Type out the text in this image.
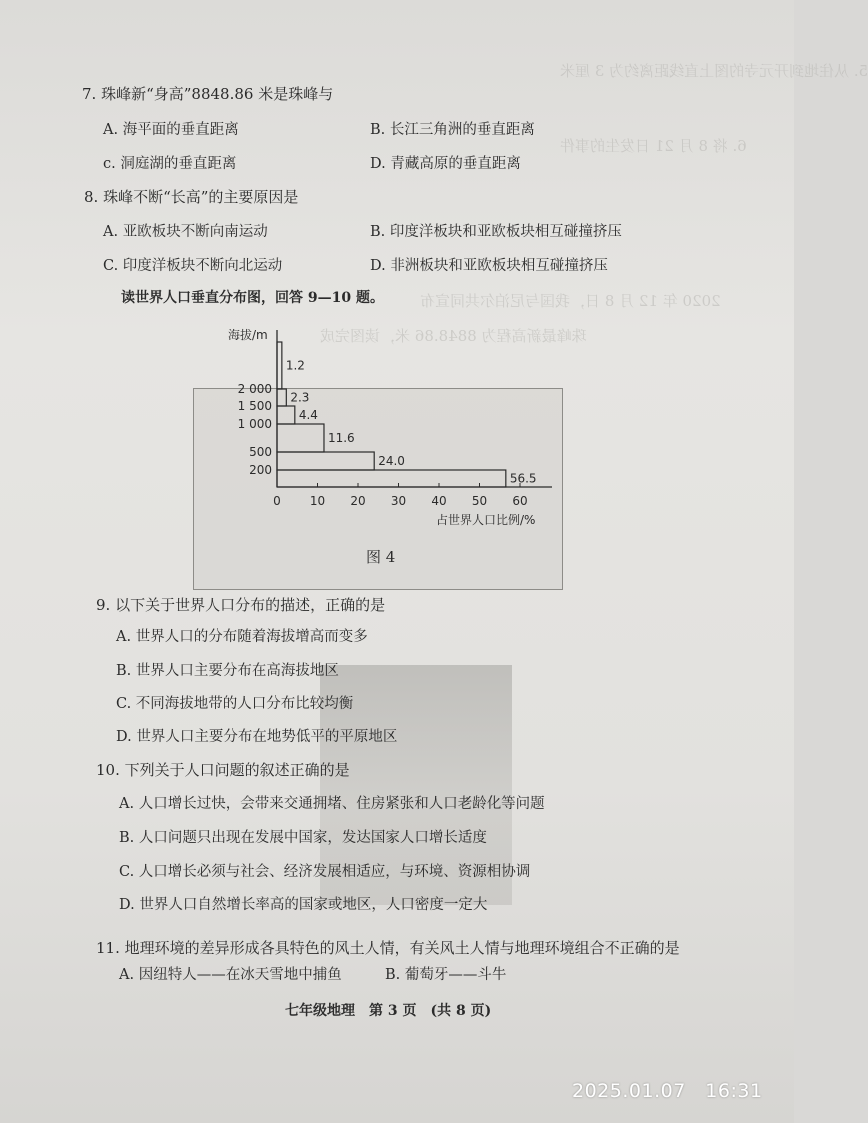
5. 从住地到开元寺的图上直线距离约为 3 厘米
6. 将 8 月 21 日发生的事件
2020 年 12 月 8 日，我国与尼泊尔共同宣布
珠峰最新高程为 8848.86 米，读图完成
7. 珠峰新“身高”8848.86 米是珠峰与
A. 海平面的垂直距离	B. 长江三角洲的垂直距离
c. 洞庭湖的垂直距离	D. 青藏高原的垂直距离
8. 珠峰不断“长高”的主要原因是
A. 亚欧板块不断向南运动	B. 印度洋板块和亚欧板块相互碰撞挤压
C. 印度洋板块不断向北运动	D. 非洲板块和亚欧板块相互碰撞挤压
读世界人口垂直分布图，回答 9—10 题。
56.5
24.0
11.6
4.4
2.3
1.2
0 10 20 30 40 50 60
200
500
1 000
1 500
2 000
海拔/m
占世界人口比例/%
图 4
9. 以下关于世界人口分布的描述，正确的是
A. 世界人口的分布随着海拔增高而变多
B. 世界人口主要分布在高海拔地区
C. 不同海拔地带的人口分布比较均衡
D. 世界人口主要分布在地势低平的平原地区
10. 下列关于人口问题的叙述正确的是
A. 人口增长过快，会带来交通拥堵、住房紧张和人口老龄化等问题
B. 人口问题只出现在发展中国家，发达国家人口增长适度
C. 人口增长必须与社会、经济发展相适应，与环境、资源相协调
D. 世界人口自然增长率高的国家或地区，人口密度一定大
11. 地理环境的差异形成各具特色的风土人情，有关风土人情与地理环境组合不正确的是
A. 因纽特人——在冰天雪地中捕鱼	B. 葡萄牙——斗牛
七年级地理　第 3 页　(共 8 页)
2025.01.07　16:31
